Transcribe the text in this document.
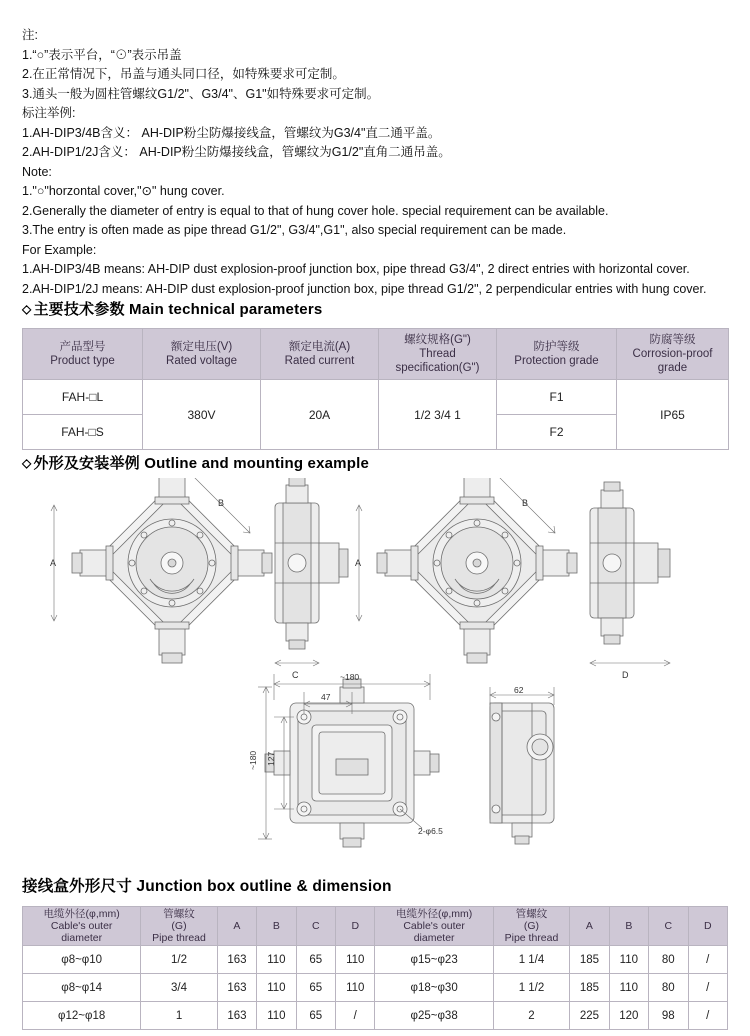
注:
1.“○”表示平台，“⊙”表示吊盖
2.在正常情况下，吊盖与通头同口径，如特殊要求可定制。
3.通头一般为圆柱管螺纹G1/2"、G3/4"、G1"如特殊要求可定制。
标注举例:
1.AH-DIP3/4B含义： AH-DIP粉尘防爆接线盒，管螺纹为G3/4"直二通平盖。
2.AH-DIP1/2J含义： AH-DIP粉尘防爆接线盒，管螺纹为G1/2"直角二通吊盖。
Note:
1."○"horzontal cover,"⊙" hung cover.
2.Generally the diameter of entry is equal to that of hung cover hole. special requirement can be available.
3.The entry is often made as pipe thread G1/2", G3/4",G1", also special requirement can be made.
For Example:
1.AH-DIP3/4B means: AH-DIP dust explosion-proof junction box, pipe thread G3/4", 2 direct entries with horizontal cover.
2.AH-DIP1/2J means: AH-DIP dust explosion-proof junction box, pipe thread G1/2", 2 perpendicular entries with hung cover.
◇ 主要技术参数 Main technical parameters
产品型号
Product type	额定电压(V)
Rated voltage	额定电流(A)
Rated current	螺纹规格(G")
Thread
specification(G")	防护等级
Protection grade	防腐等级
Corrosion-proof
grade

FAH-□L	380V	20A	1/2 3/4 1	F1	IP65
FAH-□S				F2	
◇ 外形及安装举例 Outline and mounting example
A
B
C
A
B
D
~180
47
127
~180
2-φ6.5
62
接线盒外形尺寸 Junction box outline & dimension
电缆外径(φ,mm)
Cable's outer
diameter	管螺纹
(G)
Pipe thread	A	B	C	D	电缆外径(φ,mm)
Cable's outer
diameter	管螺纹
(G)
Pipe thread	A	B	C	D
φ8~φ10	1/2	163	110	65	110	φ15~φ23	1 1/4	185	110	80	/
φ8~φ14	3/4	163	110	65	110	φ18~φ30	1 1/2	185	110	80	/
φ12~φ18	1	163	110	65	/	φ25~φ38	2	225	120	98	/
